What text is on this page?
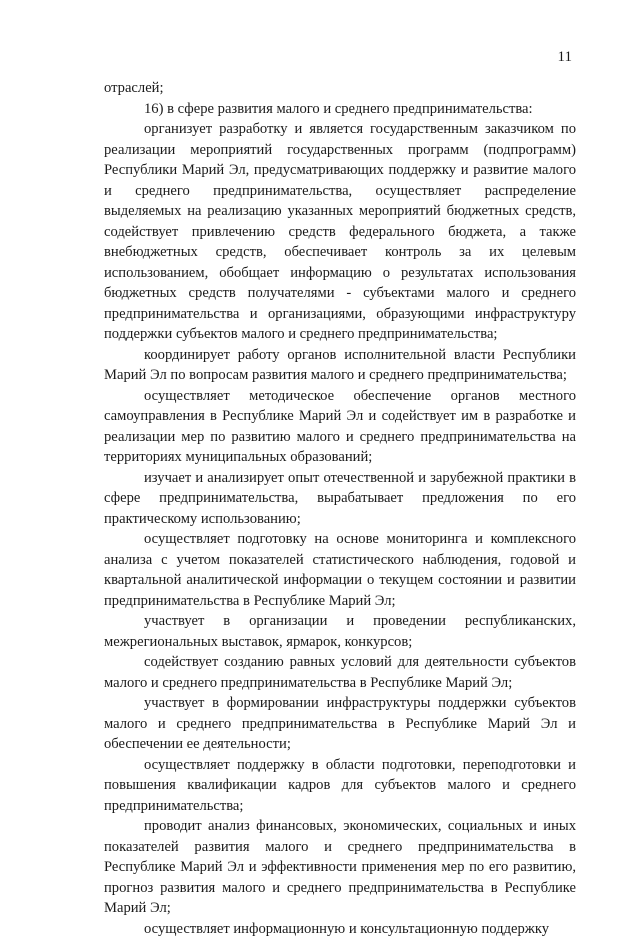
11

отраслей;

16) в сфере развития малого и среднего предпринимательства:

организует разработку и является государственным заказчиком по реализации мероприятий государственных программ (подпрограмм) Республики Марий Эл, предусматривающих поддержку и развитие малого и среднего предпринимательства, осуществляет распределение выделяемых на реализацию указанных мероприятий бюджетных средств, содействует привлечению средств федерального бюджета, а также внебюджетных средств, обеспечивает контроль за их целевым использованием, обобщает информацию о результатах использования бюджетных средств получателями - субъектами малого и среднего предпринимательства и организациями, образующими инфраструктуру поддержки субъектов малого и среднего предпринимательства;

координирует работу органов исполнительной власти Республики Марий Эл по вопросам развития малого и среднего предпринимательства;

осуществляет методическое обеспечение органов местного самоуправления в Республике Марий Эл и содействует им в разработке и реализации мер по развитию малого и среднего предпринимательства на территориях муниципальных образований;

изучает и анализирует опыт отечественной и зарубежной практики в сфере предпринимательства, вырабатывает предложения по его практическому использованию;

осуществляет подготовку на основе мониторинга и комплексного анализа с учетом показателей статистического наблюдения, годовой и квартальной аналитической информации о текущем состоянии и развитии предпринимательства в Республике Марий Эл;

участвует в организации и проведении республиканских, межрегиональных выставок, ярмарок, конкурсов;

содействует созданию равных условий для деятельности субъектов малого и среднего предпринимательства в Республике Марий Эл;

участвует в формировании инфраструктуры поддержки субъектов малого и среднего предпринимательства в Республике Марий Эл и обеспечении ее деятельности;

осуществляет поддержку в области подготовки, переподготовки и повышения квалификации кадров для субъектов малого и среднего предпринимательства;

проводит анализ финансовых, экономических, социальных и иных показателей развития малого и среднего предпринимательства в Республике Марий Эл и эффективности применения мер по его развитию, прогноз развития малого и среднего предпринимательства в Республике Марий Эл;

осуществляет информационную и консультационную поддержку
